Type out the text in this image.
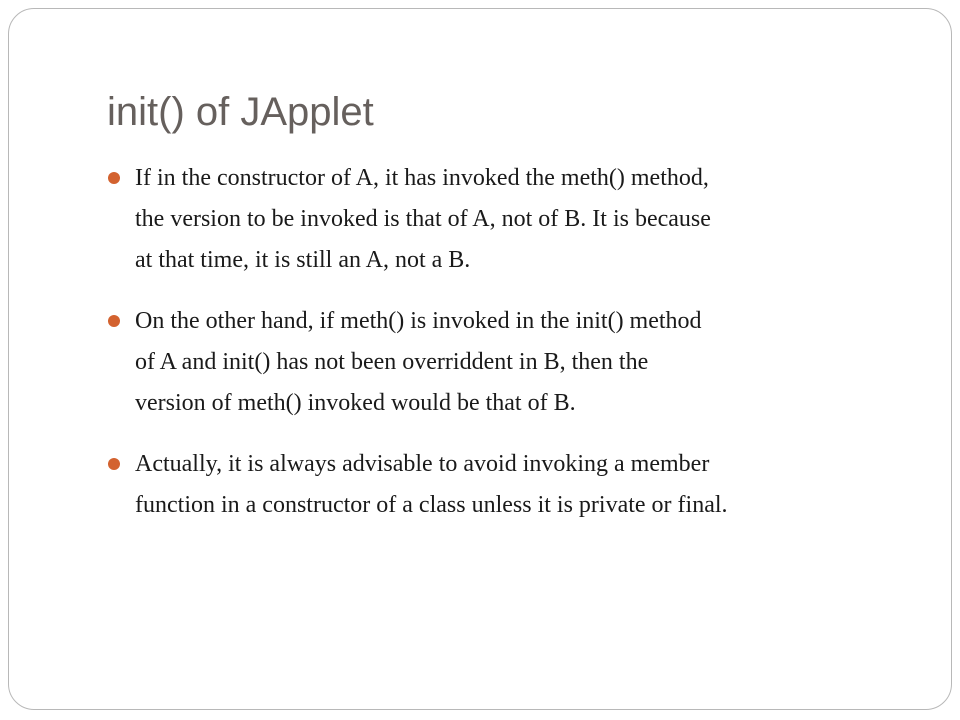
init() of JApplet
If in the constructor of A, it has invoked the meth() method,
the version to be invoked is that of A, not of B. It is because
at that time, it is still an A, not a B.
On the other hand, if meth() is invoked in the init() method
of A and init() has not been overriddent in B, then the
version of meth() invoked would be that of B.
Actually, it is always advisable to avoid invoking a member
function in a constructor of a class unless it is private or final.
